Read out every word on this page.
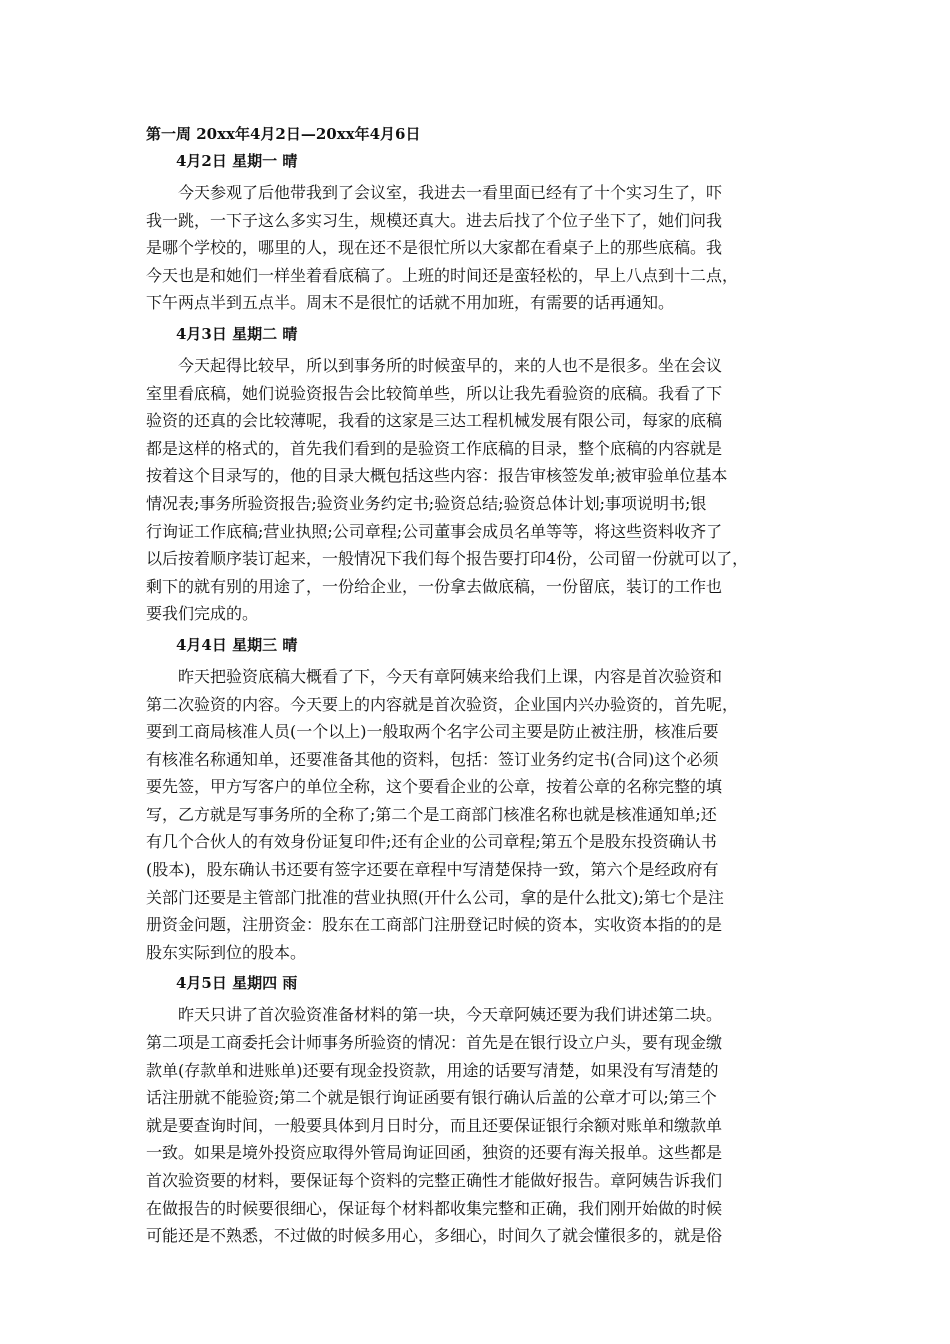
第一周 20xx年4月2日—20xx年4月6日
4月2日 星期一 晴
今天参观了后他带我到了会议室，我进去一看里面已经有了十个实习生了，吓
我一跳，一下子这么多实习生，规模还真大。进去后找了个位子坐下了，她们问我
是哪个学校的，哪里的人，现在还不是很忙所以大家都在看桌子上的那些底稿。我
今天也是和她们一样坐着看底稿了。上班的时间还是蛮轻松的，早上八点到十二点，
下午两点半到五点半。周末不是很忙的话就不用加班，有需要的话再通知。
4月3日 星期二 晴
今天起得比较早，所以到事务所的时候蛮早的，来的人也不是很多。坐在会议
室里看底稿，她们说验资报告会比较简单些，所以让我先看验资的底稿。我看了下
验资的还真的会比较薄呢，我看的这家是三达工程机械发展有限公司，每家的底稿
都是这样的格式的，首先我们看到的是验资工作底稿的目录，整个底稿的内容就是
按着这个目录写的，他的目录大概包括这些内容：报告审核签发单;被审验单位基本
情况表;事务所验资报告;验资业务约定书;验资总结;验资总体计划;事项说明书;银
行询证工作底稿;营业执照;公司章程;公司董事会成员名单等等，将这些资料收齐了
以后按着顺序装订起来，一般情况下我们每个报告要打印4份，公司留一份就可以了，
剩下的就有别的用途了，一份给企业，一份拿去做底稿，一份留底，装订的工作也
要我们完成的。
4月4日 星期三 晴
昨天把验资底稿大概看了下，今天有章阿姨来给我们上课，内容是首次验资和
第二次验资的内容。今天要上的内容就是首次验资，企业国内兴办验资的，首先呢，
要到工商局核准人员(一个以上)一般取两个名字公司主要是防止被注册，核准后要
有核准名称通知单，还要准备其他的资料，包括：签订业务约定书(合同)这个必须
要先签，甲方写客户的单位全称，这个要看企业的公章，按着公章的名称完整的填
写，乙方就是写事务所的全称了;第二个是工商部门核准名称也就是核准通知单;还
有几个合伙人的有效身份证复印件;还有企业的公司章程;第五个是股东投资确认书
(股本)，股东确认书还要有签字还要在章程中写清楚保持一致，第六个是经政府有
关部门还要是主管部门批准的营业执照(开什么公司，拿的是什么批文);第七个是注
册资金问题，注册资金：股东在工商部门注册登记时候的资本，实收资本指的的是
股东实际到位的股本。
4月5日 星期四 雨
昨天只讲了首次验资准备材料的第一块，今天章阿姨还要为我们讲述第二块。
第二项是工商委托会计师事务所验资的情况：首先是在银行设立户头，要有现金缴
款单(存款单和进账单)还要有现金投资款，用途的话要写清楚，如果没有写清楚的
话注册就不能验资;第二个就是银行询证函要有银行确认后盖的公章才可以;第三个
就是要查询时间，一般要具体到月日时分，而且还要保证银行余额对账单和缴款单
一致。如果是境外投资应取得外管局询证回函，独资的还要有海关报单。这些都是
首次验资要的材料，要保证每个资料的完整正确性才能做好报告。章阿姨告诉我们
在做报告的时候要很细心，保证每个材料都收集完整和正确，我们刚开始做的时候
可能还是不熟悉，不过做的时候多用心，多细心，时间久了就会懂很多的，就是俗
